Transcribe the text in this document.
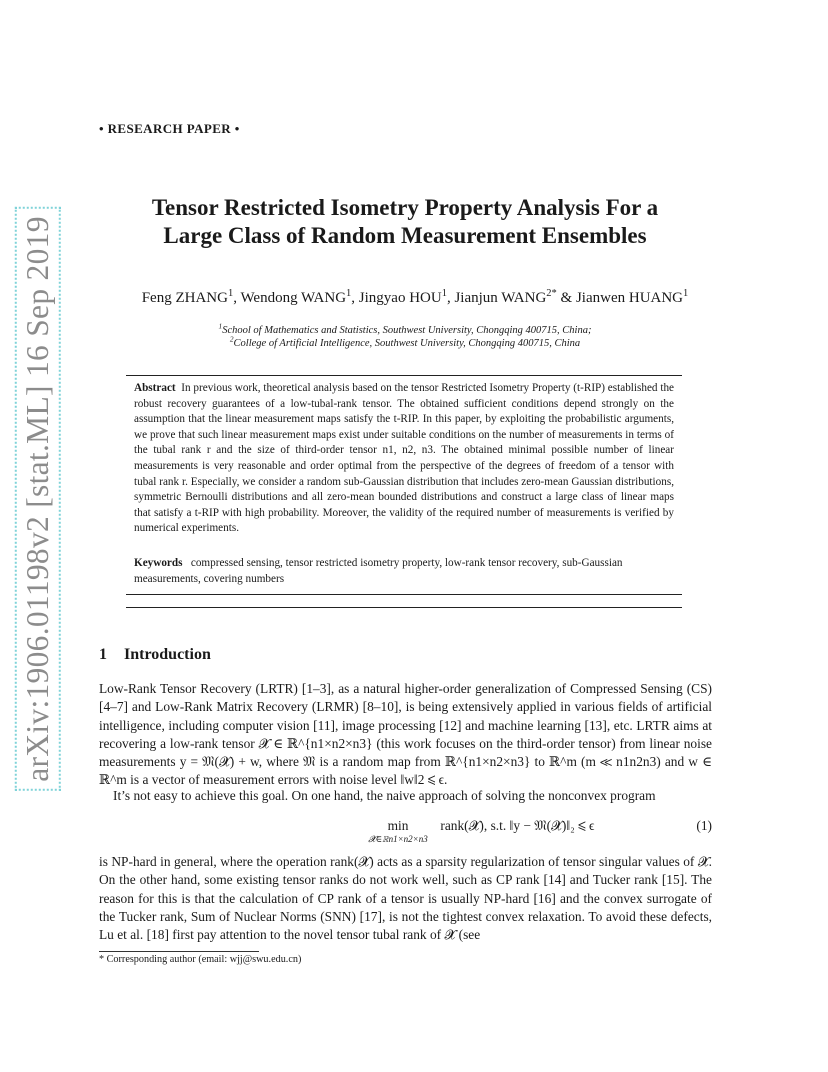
arXiv:1906.01198v2 [stat.ML] 16 Sep 2019
• RESEARCH PAPER •
Tensor Restricted Isometry Property Analysis For a
Large Class of Random Measurement Ensembles
Feng ZHANG$^1$, Wendong WANG$^1$, Jingyao HOU$^1$, Jianjun $WANG^{2*}$ & Jianwen HUANG$^1$
$^1$School of Mathematics and Statistics, Southwest University, Chongqing 400715, China;
$^2$College of Artificial Intelligence, Southwest University, Chongqing 400715, China
Abstract In previous work, theoretical analysis based on the tensor Restricted Isometry Property (t-RIP) established the robust recovery guarantees of a low-tubal-rank tensor. The obtained sufficient conditions depend strongly on the assumption that the linear measurement maps satisfy the t-RIP. In this paper, by exploiting the probabilistic arguments, we prove that such linear measurement maps exist under suitable conditions on the number of measurements in terms of the tubal rank r and the size of third-order tensor n1, n2, n3. The obtained minimal possible number of linear measurements is very reasonable and order optimal from the perspective of the degrees of freedom of a tensor with tubal rank r. Especially, we consider a random sub-Gaussian distribution that includes zero-mean Gaussian distributions, symmetric Bernoulli distributions and all zero-mean bounded distributions and construct a large class of linear maps that satisfy a t-RIP with high probability. Moreover, the validity of the required number of measurements is verified by numerical experiments.
Keywords compressed sensing, tensor restricted isometry property, low-rank tensor recovery, sub-Gaussian measurements, covering numbers
1 Introduction

Low-Rank Tensor Recovery (LRTR) [1–3], as a natural higher-order generalization of Compressed Sensing (CS) [4–7] and Low-Rank Matrix Recovery (LRMR) [8–10], is being extensively applied in various fields of artificial intelligence, including computer vision [11], image processing [12] and machine learning [13], etc. LRTR aims at recovering a low-rank tensor 𝓧 ∈ ℝ^{n1×n2×n3} (this work focuses on the third-order tensor) from linear noise measurements y = 𝔐(𝓧) + w, where 𝔐 is a random map from ℝ^{n1×n2×n3} to ℝ^m (m ≪ n1n2n3) and w ∈ ℝ^m is a vector of measurement errors with noise level ‖w‖2 ⩽ ϵ.

It’s not easy to achieve this goal. On one hand, the naive approach of solving the nonconvex program

min
𝓧∈ℝn1×n2×n3
rank(𝓧), s.t. ‖y − 𝔐(𝓧)‖₂ ⩽ ϵ	(1)

is NP-hard in general, where the operation rank(𝓧) acts as a sparsity regularization of tensor singular values of 𝓧. On the other hand, some existing tensor ranks do not work well, such as CP rank [14] and Tucker rank [15]. The reason for this is that the calculation of CP rank of a tensor is usually NP-hard [16] and the convex surrogate of the Tucker rank, Sum of Nuclear Norms (SNN) [17], is not the tightest convex relaxation. To avoid these defects, Lu et al. [18] first pay attention to the novel tensor tubal rank of 𝓧 (see

* Corresponding author (email: wjj@swu.edu.cn)
